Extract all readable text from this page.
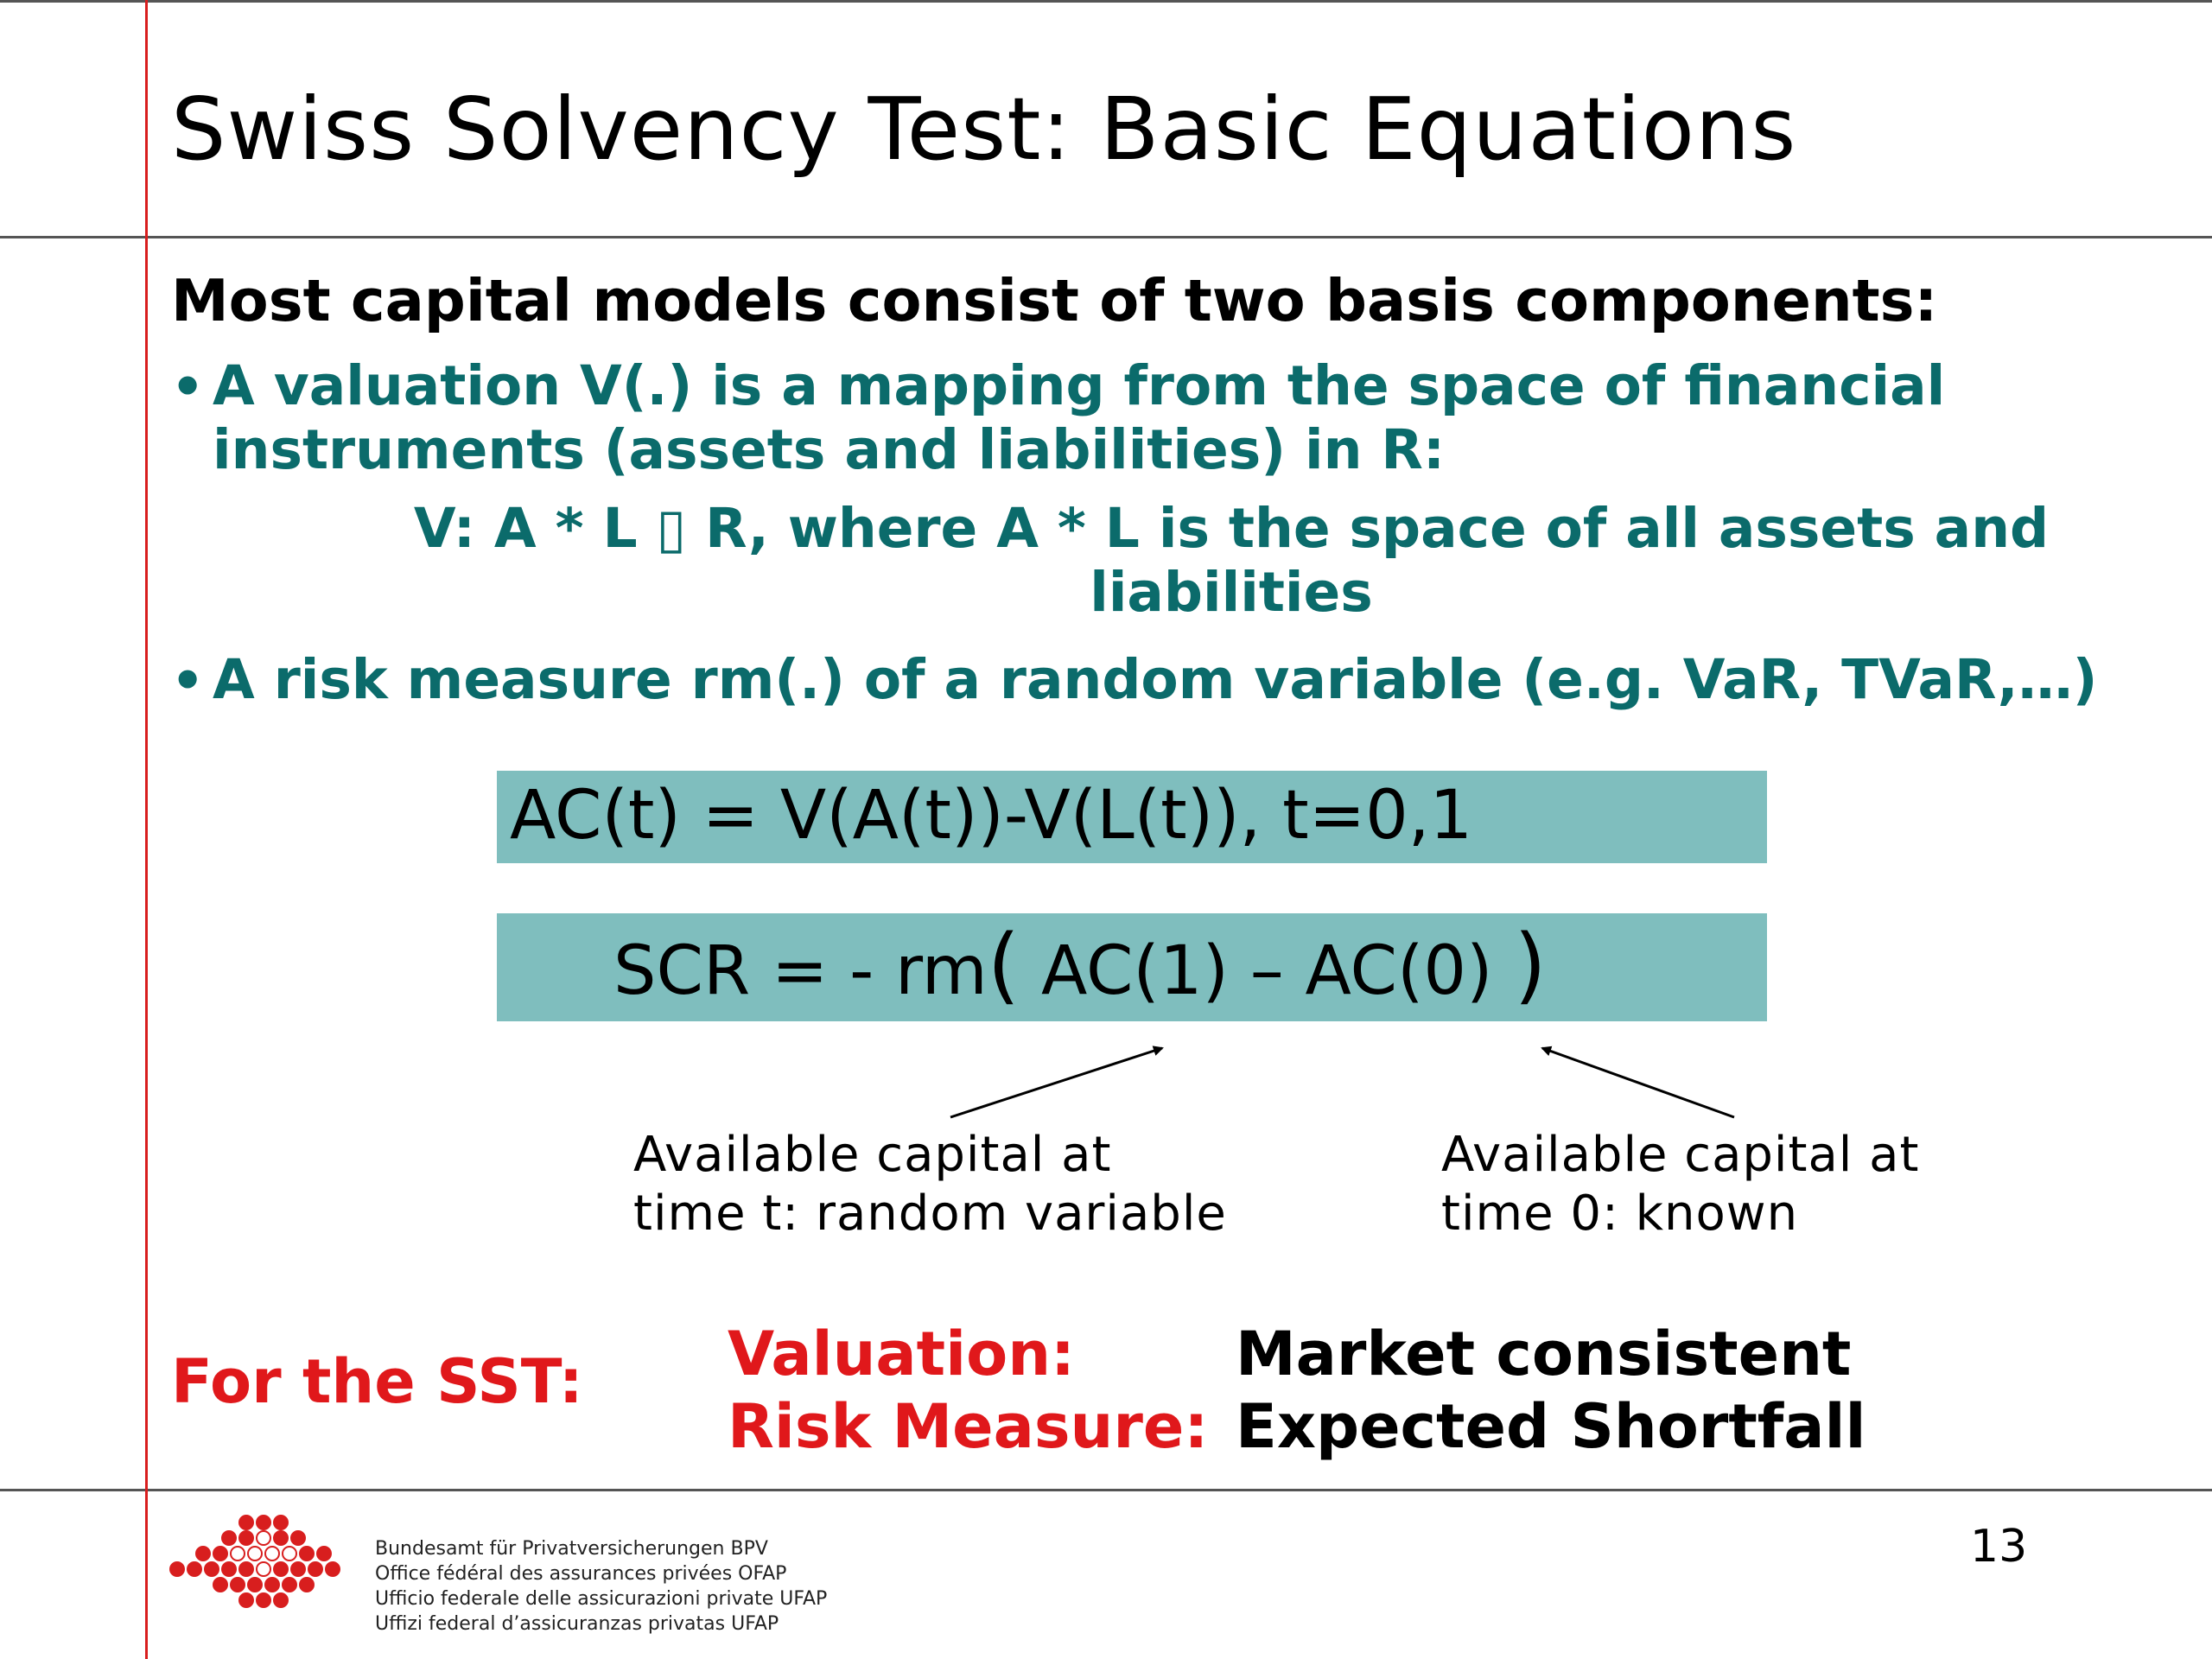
Swiss Solvency Test: Basic Equations
Most capital models consist of two basis components:
• A valuation V(.) is a mapping from the space of financial
instruments (assets and liabilities) in R:
V: A * L ▯ R, where A * L is the space of all assets and
liabilities
• A risk measure rm(.) of a random variable (e.g. VaR, TVaR,…)
AC(t) = V(A(t))-V(L(t)), t=0,1
SCR = - rm( AC(1) – AC(0) )
Available capital at
time t: random variable
Available capital at
time 0: known
For the SST: Valuation:	Market consistent
Risk Measure: Expected Shortfall
Bundesamt für Privatversicherungen BPV
Office fédéral des assurances privées OFAP
Ufficio federale delle assicurazioni private UFAP
Uffizi federal d’assicuranzas privatas UFAP
13
